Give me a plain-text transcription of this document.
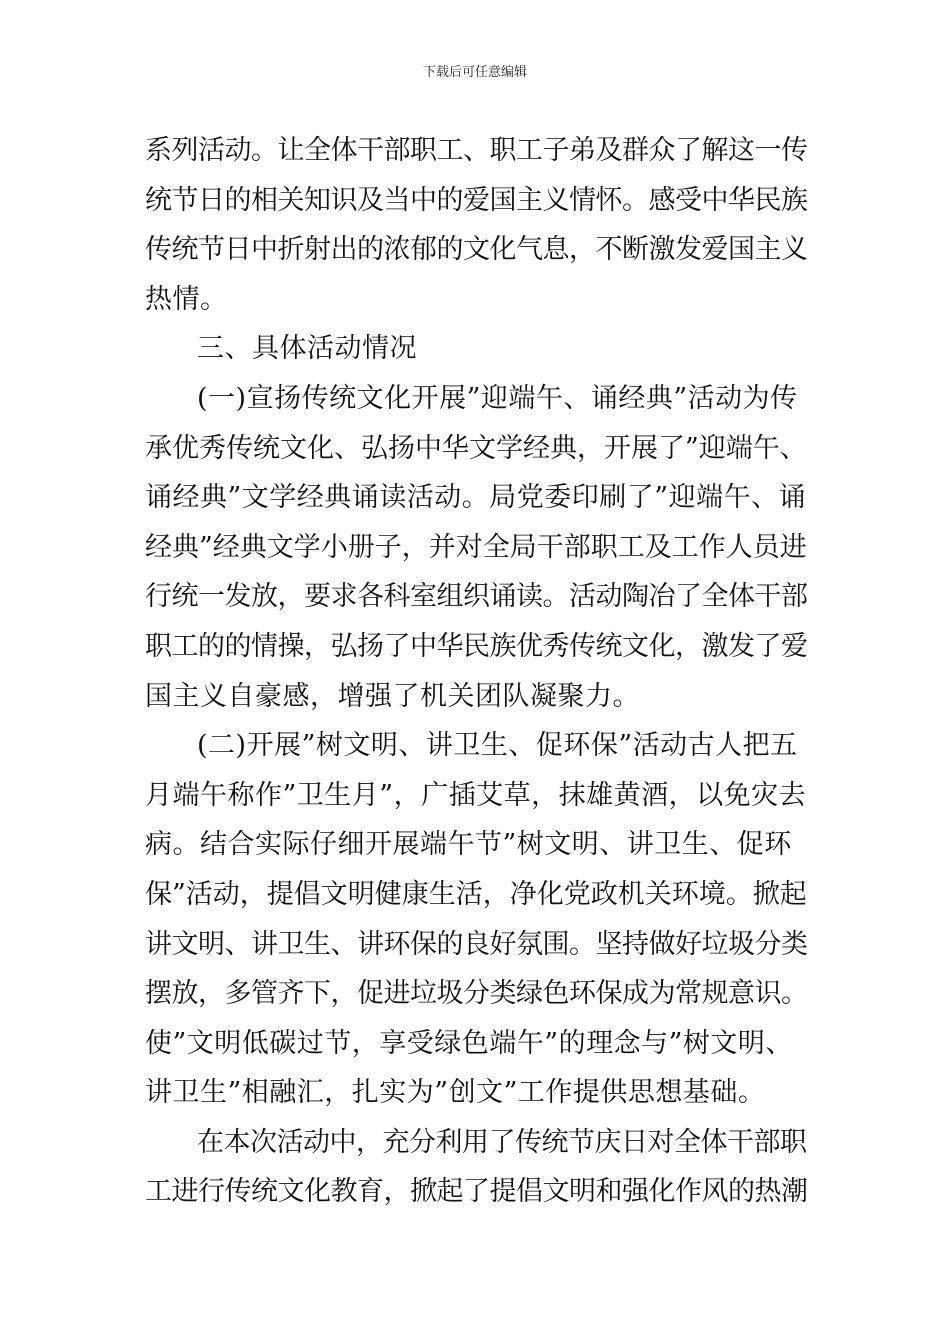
下载后可任意编辑
系列活动。让全体干部职工、职工子弟及群众了解这一传
统节日的相关知识及当中的爱国主义情怀。感受中华民族
传统节日中折射出的浓郁的文化气息，不断激发爱国主义
热情。
三、具体活动情况
(一)宣扬传统文化开展”迎端午、诵经典”活动为传
承优秀传统文化、弘扬中华文学经典，开展了”迎端午、
诵经典”文学经典诵读活动。局党委印刷了”迎端午、诵
经典”经典文学小册子，并对全局干部职工及工作人员进
行统一发放，要求各科室组织诵读。活动陶冶了全体干部
职工的的情操，弘扬了中华民族优秀传统文化，激发了爱
国主义自豪感，增强了机关团队凝聚力。
(二)开展”树文明、讲卫生、促环保”活动古人把五
月端午称作”卫生月”，广插艾草，抹雄黄酒，以免灾去
病。结合实际仔细开展端午节”树文明、讲卫生、促环
保”活动，提倡文明健康生活，净化党政机关环境。掀起
讲文明、讲卫生、讲环保的良好氛围。坚持做好垃圾分类
摆放，多管齐下，促进垃圾分类绿色环保成为常规意识。
使”文明低碳过节，享受绿色端午”的理念与”树文明、
讲卫生”相融汇，扎实为”创文”工作提供思想基础。
在本次活动中，充分利用了传统节庆日对全体干部职
工进行传统文化教育，掀起了提倡文明和强化作风的热潮
